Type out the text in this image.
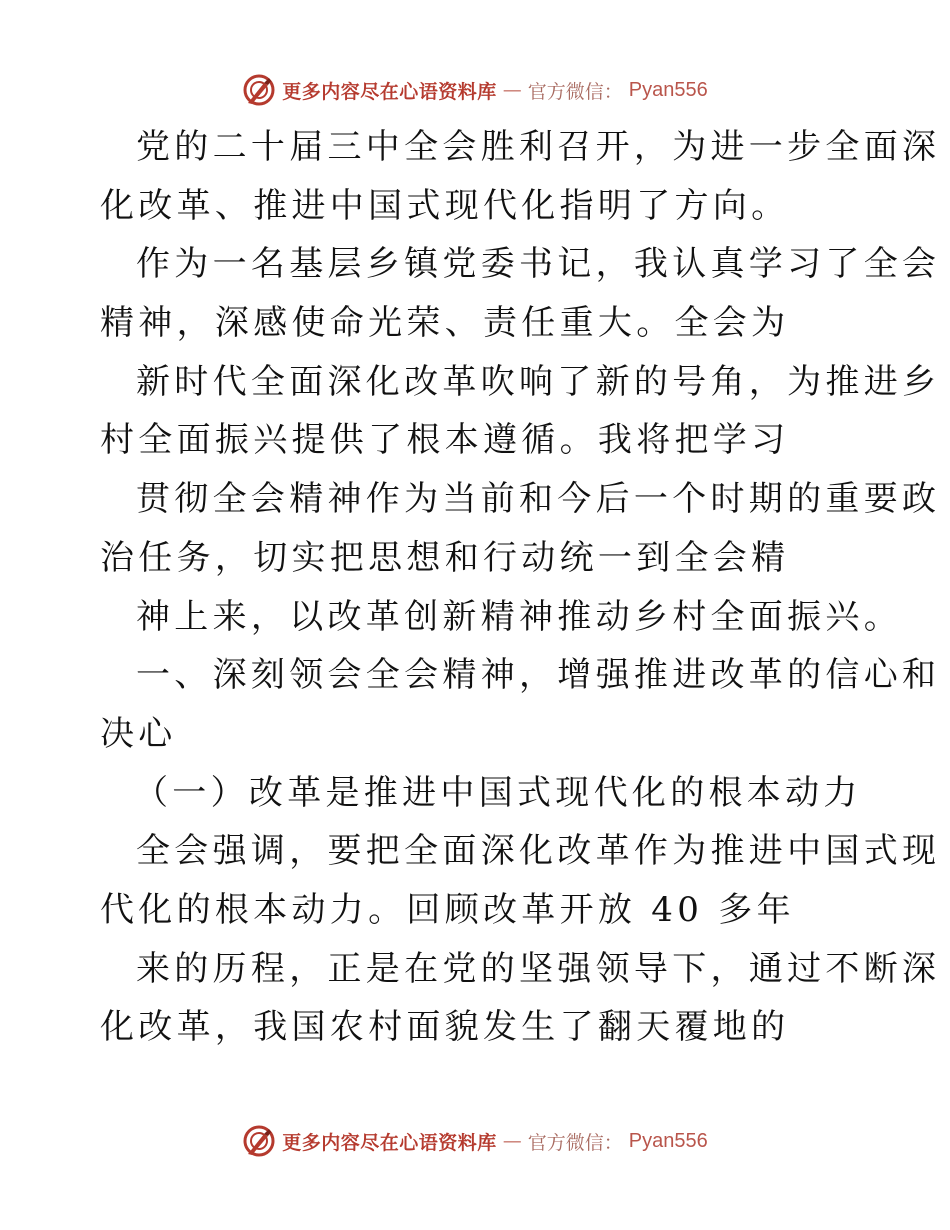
更多内容尽在心语资料库 — 官方微信： Pyan556
党的二十届三中全会胜利召开，为进一步全面深
化改革、推进中国式现代化指明了方向。
作为一名基层乡镇党委书记，我认真学习了全会
精神，深感使命光荣、责任重大。全会为
新时代全面深化改革吹响了新的号角，为推进乡
村全面振兴提供了根本遵循。我将把学习
贯彻全会精神作为当前和今后一个时期的重要政
治任务，切实把思想和行动统一到全会精
神上来，以改革创新精神推动乡村全面振兴。
一、深刻领会全会精神，增强推进改革的信心和
决心
（一）改革是推进中国式现代化的根本动力
全会强调，要把全面深化改革作为推进中国式现
代化的根本动力。回顾改革开放 40 多年
来的历程，正是在党的坚强领导下，通过不断深
化改革，我国农村面貌发生了翻天覆地的
更多内容尽在心语资料库 — 官方微信： Pyan556
